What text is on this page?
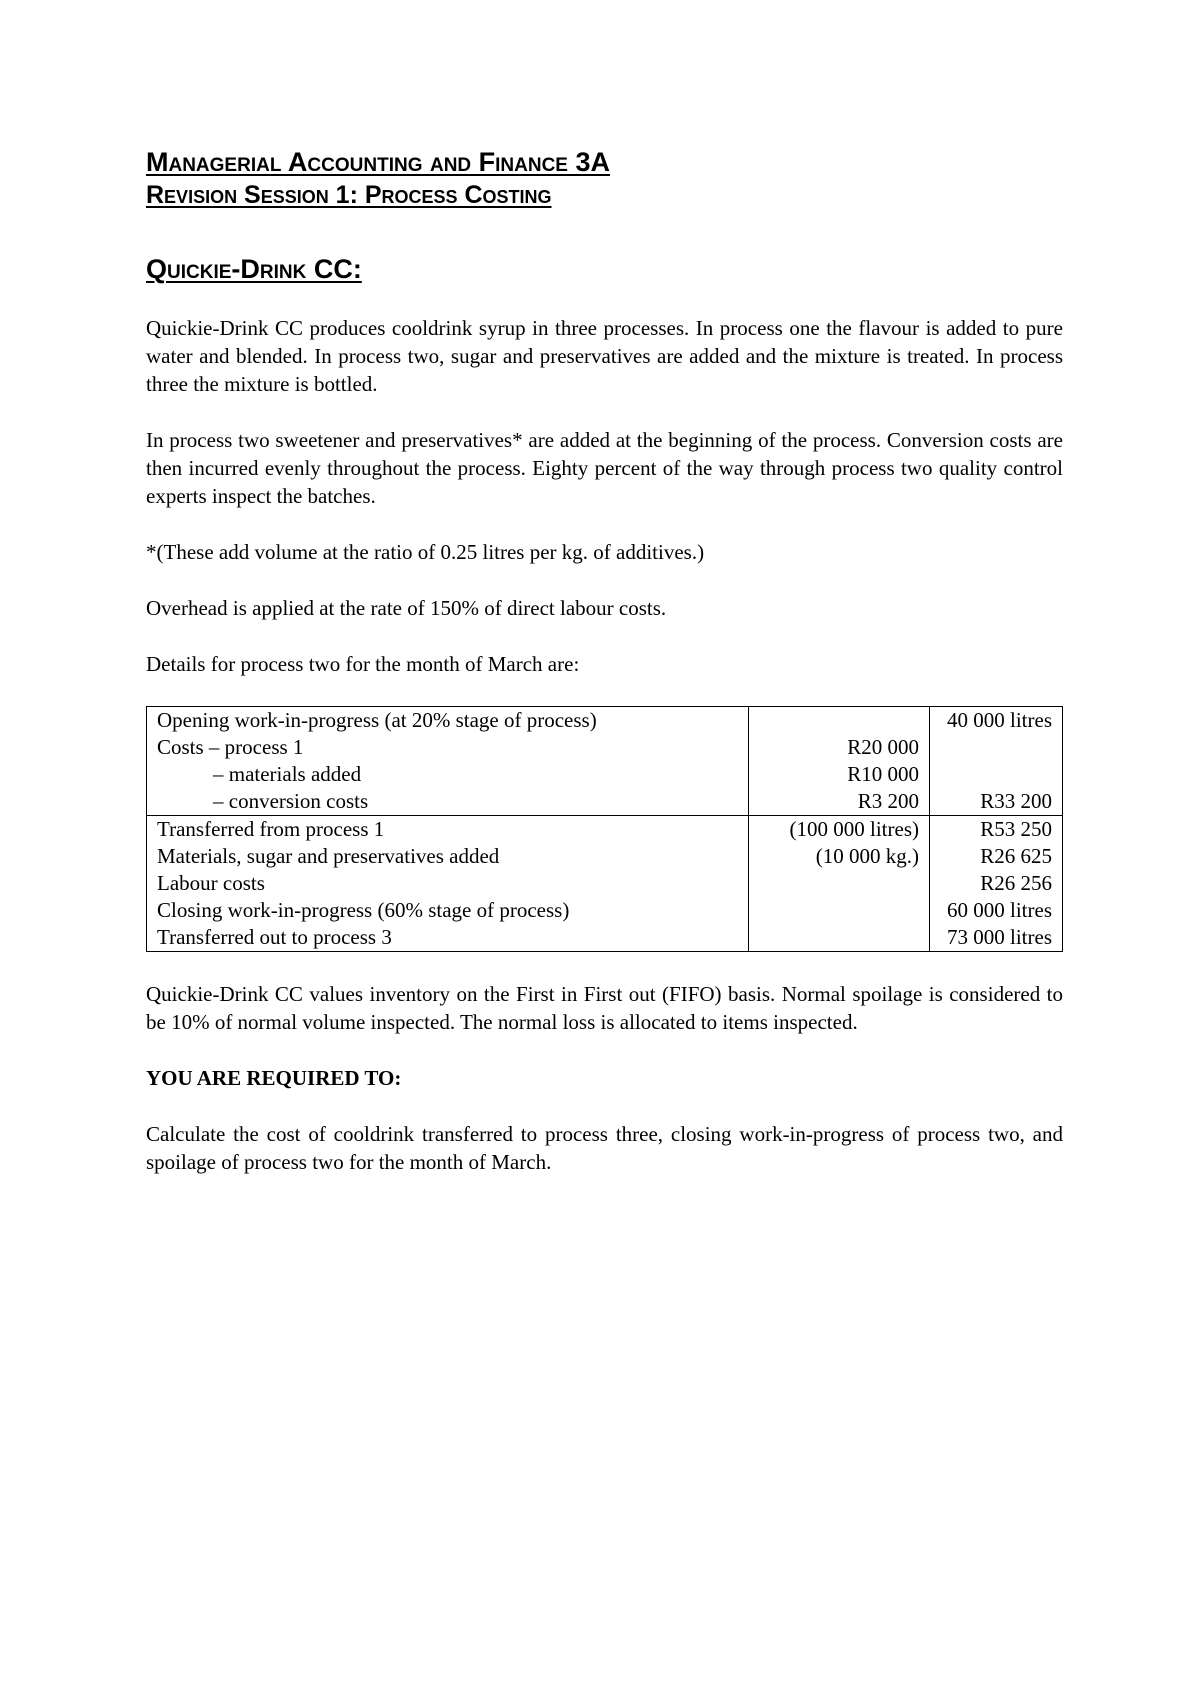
Managerial Accounting and Finance 3A
Revision Session 1: Process Costing
Quickie-Drink CC:

Quickie-Drink CC produces cooldrink syrup in three processes. In process one the flavour is added to pure water and blended. In process two, sugar and preservatives are added and the mixture is treated. In process three the mixture is bottled.

In process two sweetener and preservatives* are added at the beginning of the process. Conversion costs are then incurred evenly throughout the process. Eighty percent of the way through process two quality control experts inspect the batches.

*(These add volume at the ratio of 0.25 litres per kg. of additives.)

Overhead is applied at the rate of 150% of direct labour costs.

Details for process two for the month of March are:

Opening work-in-progress (at 20% stage of process)		40 000 litres
Costs – process 1	R20 000	
– materials added	R10 000	
– conversion costs	R3 200	R33 200
Transferred from process 1	(100 000 litres)	R53 250
Materials, sugar and preservatives added	(10 000 kg.)	R26 625
Labour costs		R26 256
Closing work-in-progress (60% stage of process)		60 000 litres
Transferred out to process 3		73 000 litres

Quickie-Drink CC values inventory on the First in First out (FIFO) basis. Normal spoilage is considered to be 10% of normal volume inspected. The normal loss is allocated to items inspected.

YOU ARE REQUIRED TO:

Calculate the cost of cooldrink transferred to process three, closing work-in-progress of process two, and spoilage of process two for the month of March.
